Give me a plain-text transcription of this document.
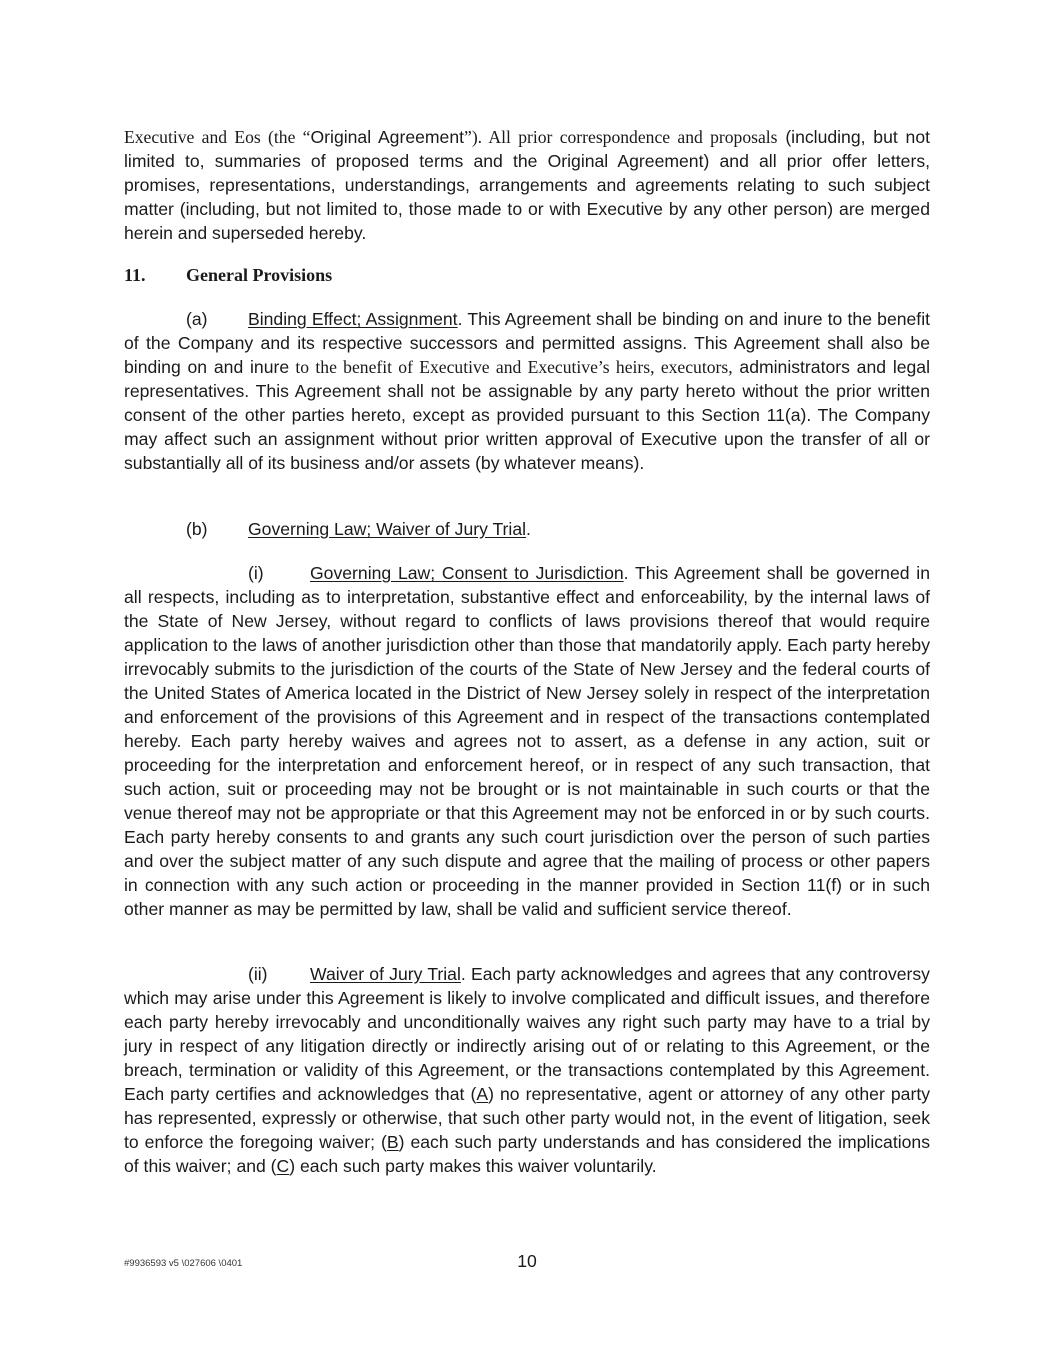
Executive and Eos (the “Original Agreement”). All prior correspondence and proposals (including, but not limited to, summaries of proposed terms and the Original Agreement) and all prior offer letters, promises, representations, understandings, arrangements and agreements relating to such subject matter (including, but not limited to, those made to or with Executive by any other person) are merged herein and superseded hereby.
11. General Provisions
(a) Binding Effect; Assignment. This Agreement shall be binding on and inure to the benefit of the Company and its respective successors and permitted assigns. This Agreement shall also be binding on and inure to the benefit of Executive and Executive’s heirs, executors, administrators and legal representatives. This Agreement shall not be assignable by any party hereto without the prior written consent of the other parties hereto, except as provided pursuant to this Section 11(a). The Company may affect such an assignment without prior written approval of Executive upon the transfer of all or substantially all of its business and/or assets (by whatever means).
(b) Governing Law; Waiver of Jury Trial.
(i)	Governing Law; Consent to Jurisdiction. This Agreement shall be governed in all respects, including as to interpretation, substantive effect and enforceability, by the internal laws of the State of New Jersey, without regard to conflicts of laws provisions thereof that would require application to the laws of another jurisdiction other than those that mandatorily apply. Each party hereby irrevocably submits to the jurisdiction of the courts of the State of New Jersey and the federal courts of the United States of America located in the District of New Jersey solely in respect of the interpretation and enforcement of the provisions of this Agreement and in respect of the transactions contemplated hereby. Each party hereby waives and agrees not to assert, as a defense in any action, suit or proceeding for the interpretation and enforcement hereof, or in respect of any such transaction, that such action, suit or proceeding may not be brought or is not maintainable in such courts or that the venue thereof may not be appropriate or that this Agreement may not be enforced in or by such courts. Each party hereby consents to and grants any such court jurisdiction over the person of such parties and over the subject matter of any such dispute and agree that the mailing of process or other papers in connection with any such action or proceeding in the manner provided in Section 11(f) or in such other manner as may be permitted by law, shall be valid and sufficient service thereof.
(ii) Waiver of Jury Trial. Each party acknowledges and agrees that any controversy which may arise under this Agreement is likely to involve complicated and difficult issues, and therefore each party hereby irrevocably and unconditionally waives any right such party may have to a trial by jury in respect of any litigation directly or indirectly arising out of or relating to this Agreement, or the breach, termination or validity of this Agreement, or the transactions contemplated by this Agreement. Each party certifies and acknowledges that (A) no representative, agent or attorney of any other party has represented, expressly or otherwise, that such other party would not, in the event of litigation, seek to enforce the foregoing waiver; (B) each such party understands and has considered the implications of this waiver; and (C) each such party makes this waiver voluntarily.
#9936593 v5 \027606 \0401	10
